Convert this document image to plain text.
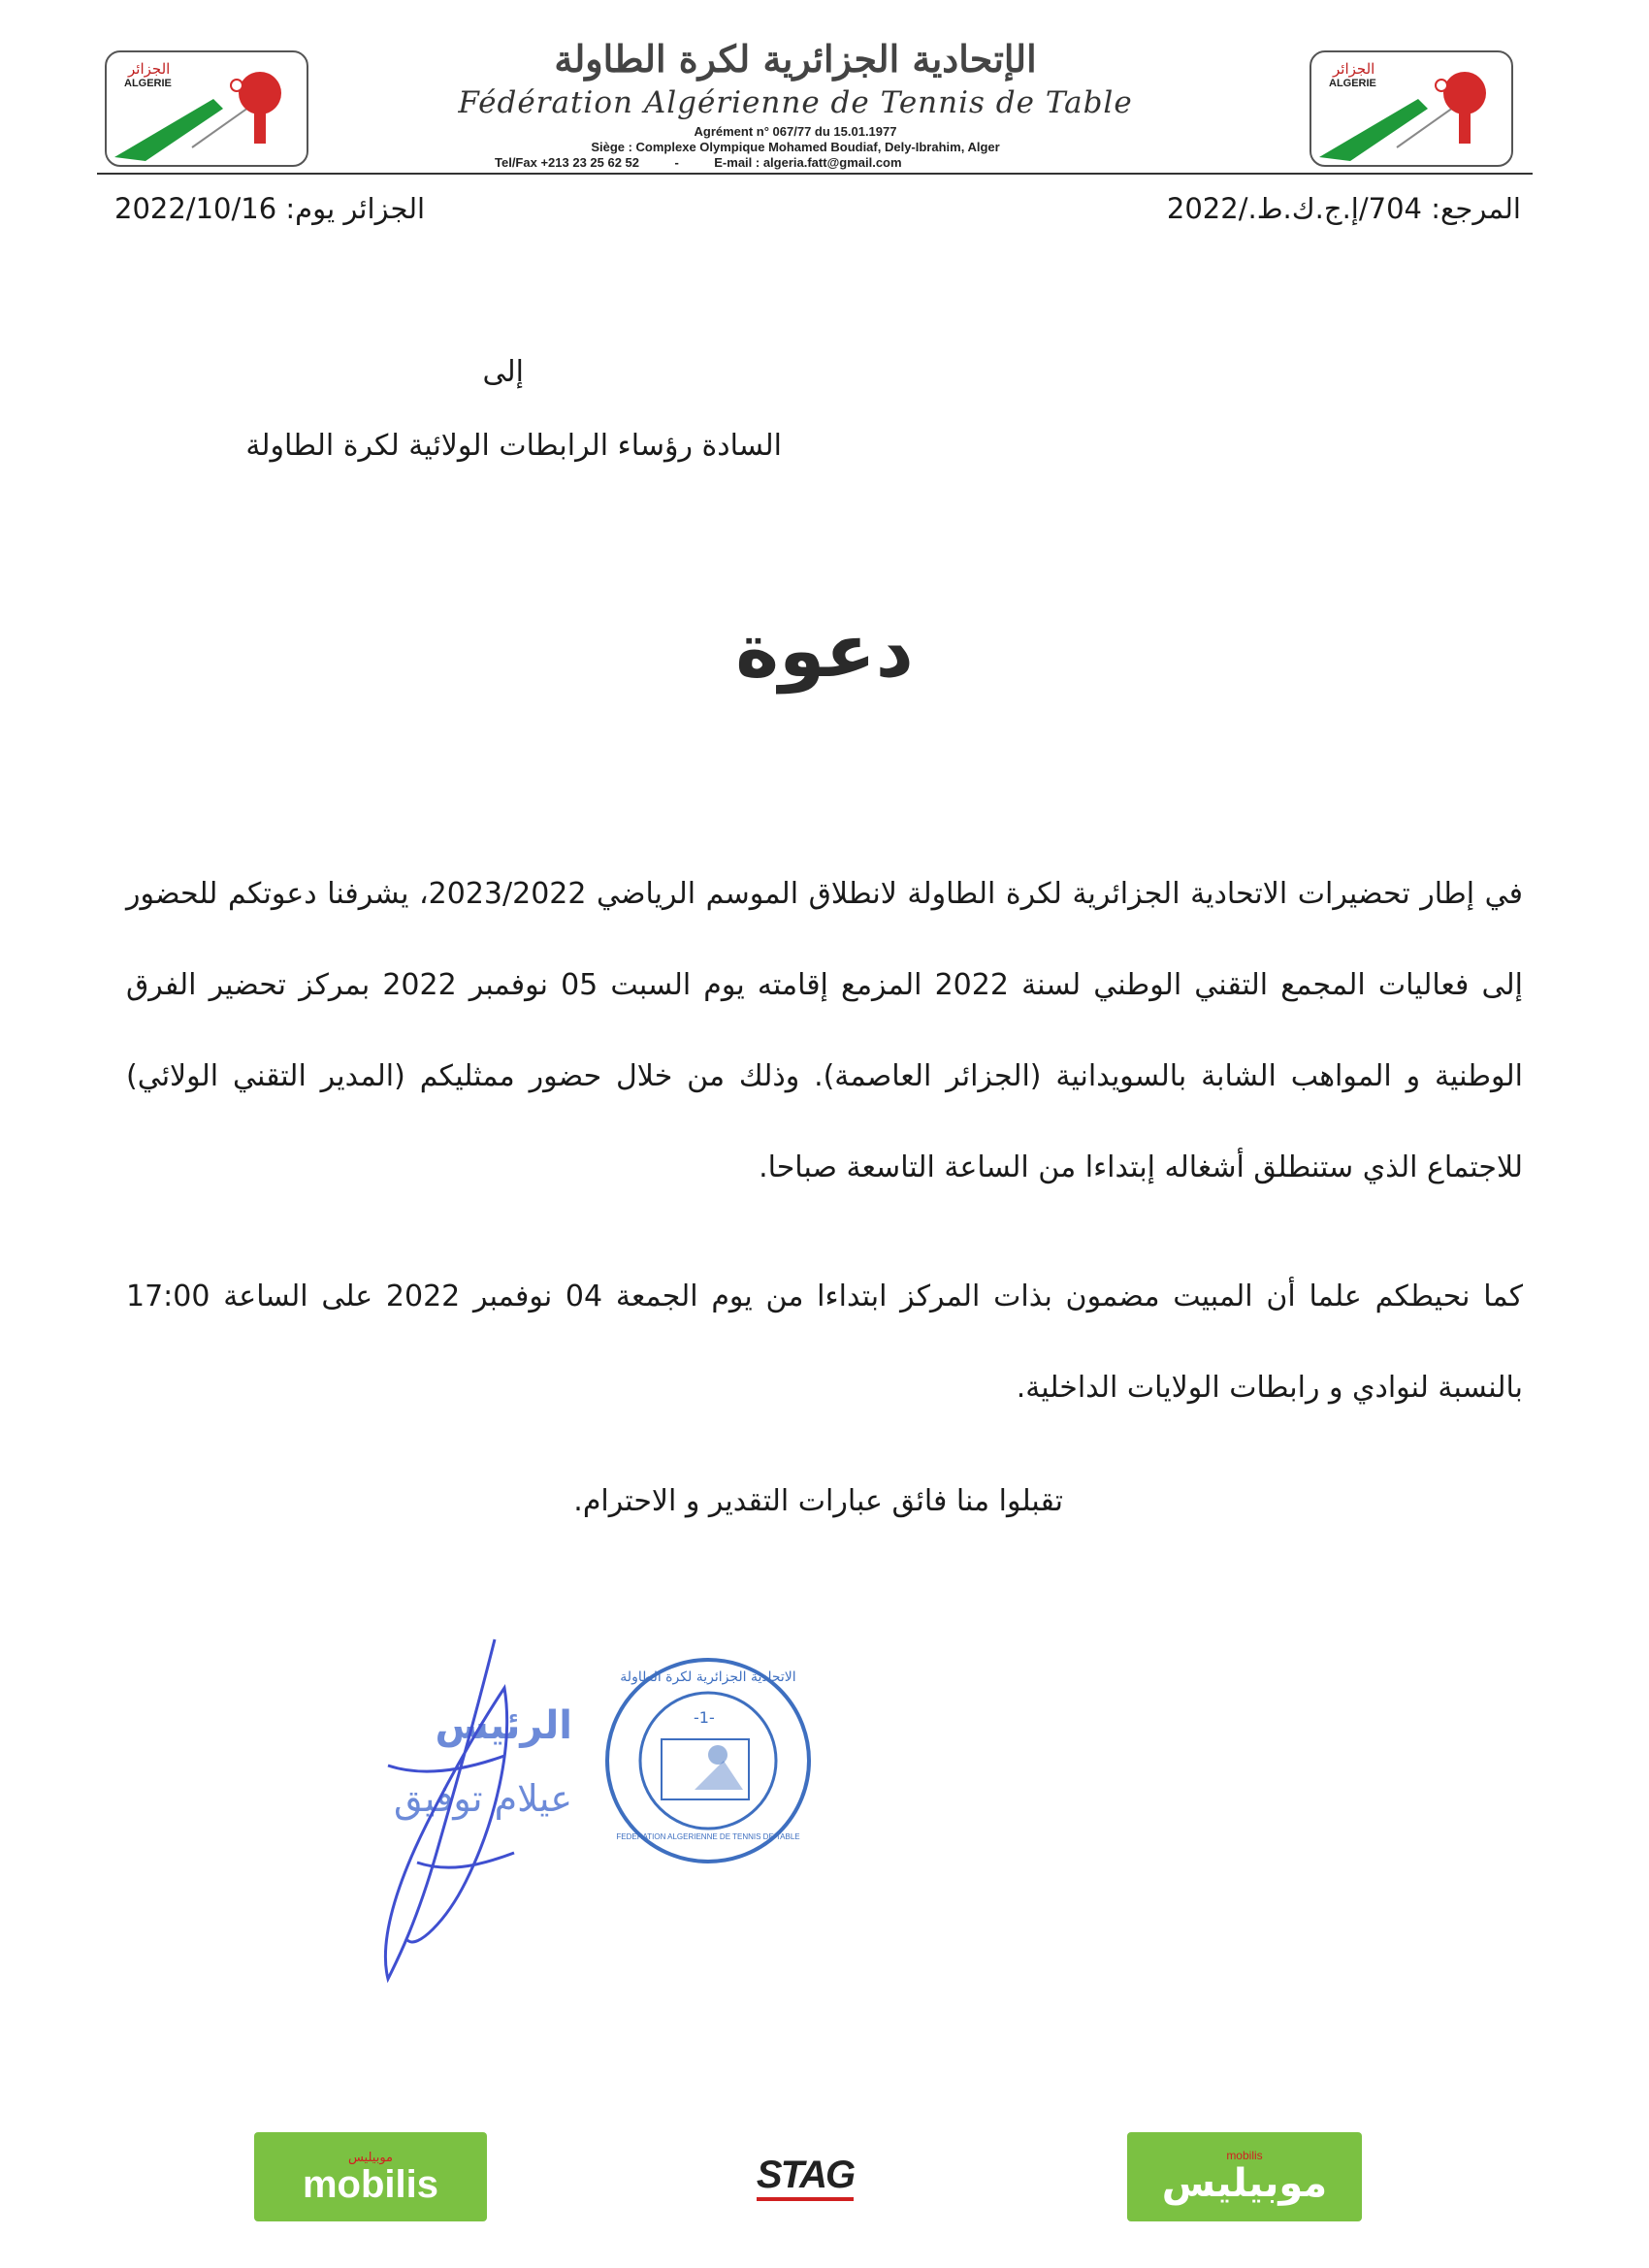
الجزائر
ALGERIE
الجزائر
ALGERIE
الإتحادية الجزائرية لكرة الطاولة
Fédération Algérienne de Tennis de Table
Agrément n° 067/77 du 15.01.1977
Siège : Complexe Olympique Mohamed Boudiaf, Dely-Ibrahim, Alger
Tel/Fax +213 23 25 62 52	-	E-mail : algeria.fatt@gmail.com
المرجع: 704/إ.ج.ك.ط./2022
الجزائر يوم: 2022/10/16
إلى
السادة رؤساء الرابطات الولائية لكرة الطاولة
دعوة
في إطار تحضيرات الاتحادية الجزائرية لكرة الطاولة لانطلاق الموسم الرياضي 2023/2022، يشرفنا دعوتكم للحضور إلى فعاليات المجمع التقني الوطني لسنة 2022 المزمع إقامته يوم السبت 05 نوفمبر 2022 بمركز تحضير الفرق الوطنية و المواهب الشابة بالسويدانية (الجزائر العاصمة). وذلك من خلال حضور ممثليكم (المدير التقني الولائي) للاجتماع الذي ستنطلق أشغاله إبتداءا من الساعة التاسعة صباحا.
كما نحيطكم علما أن المبيت مضمون بذات المركز ابتداءا من يوم الجمعة 04 نوفمبر 2022 على الساعة 17:00 بالنسبة لنوادي و رابطات الولايات الداخلية.
تقبلوا منا فائق عبارات التقدير و الاحترام.
الرئيس
عيلام توفيق
الاتحادية الجزائرية لكرة الطاولة
-1-
FEDERATION ALGERIENNE DE TENNIS DE TABLE
موبيليس
mobilis	STAG	mobilis
موبيليس
